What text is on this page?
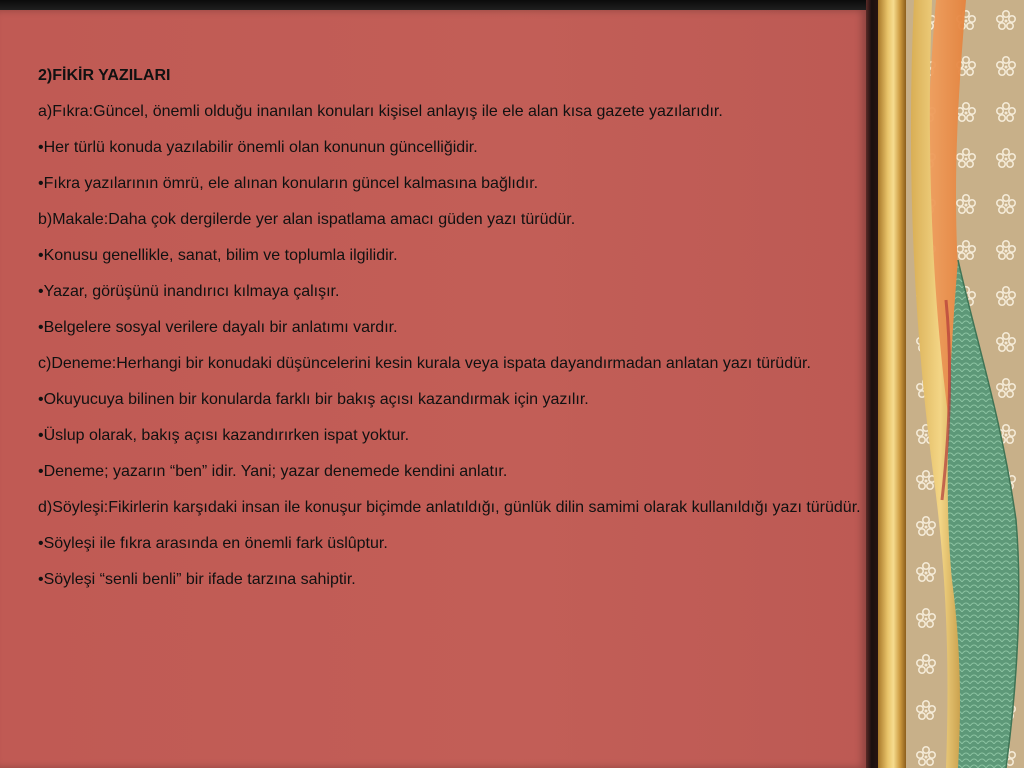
2)FİKİR YAZILARI

a)Fıkra:Güncel, önemli olduğu inanılan konuları kişisel anlayış ile ele alan kısa gazete yazılarıdır.

•Her türlü konuda yazılabilir önemli olan konunun güncelliğidir.

•Fıkra yazılarının ömrü, ele alınan konuların güncel kalmasına bağlıdır.

b)Makale:Daha çok dergilerde yer alan ispatlama amacı güden yazı türüdür.

•Konusu genellikle, sanat, bilim ve toplumla ilgilidir.

•Yazar, görüşünü inandırıcı kılmaya çalışır.

•Belgelere sosyal verilere dayalı bir anlatımı vardır.

c)Deneme:Herhangi bir konudaki düşüncelerini kesin kurala veya ispata dayandırmadan anlatan yazı türüdür.

•Okuyucuya bilinen bir konularda farklı bir bakış açısı kazandırmak için yazılır.

•Üslup olarak, bakış açısı kazandırırken ispat yoktur.

•Deneme; yazarın “ben” idir. Yani; yazar denemede kendini anlatır.

d)Söyleşi:Fikirlerin karşıdaki insan ile konuşur biçimde anlatıldığı, günlük dilin samimi olarak kullanıldığı yazı türüdür.

•Söyleşi ile fıkra arasında en önemli fark üslûptur.

•Söyleşi “senli benli” bir ifade tarzına sahiptir.
